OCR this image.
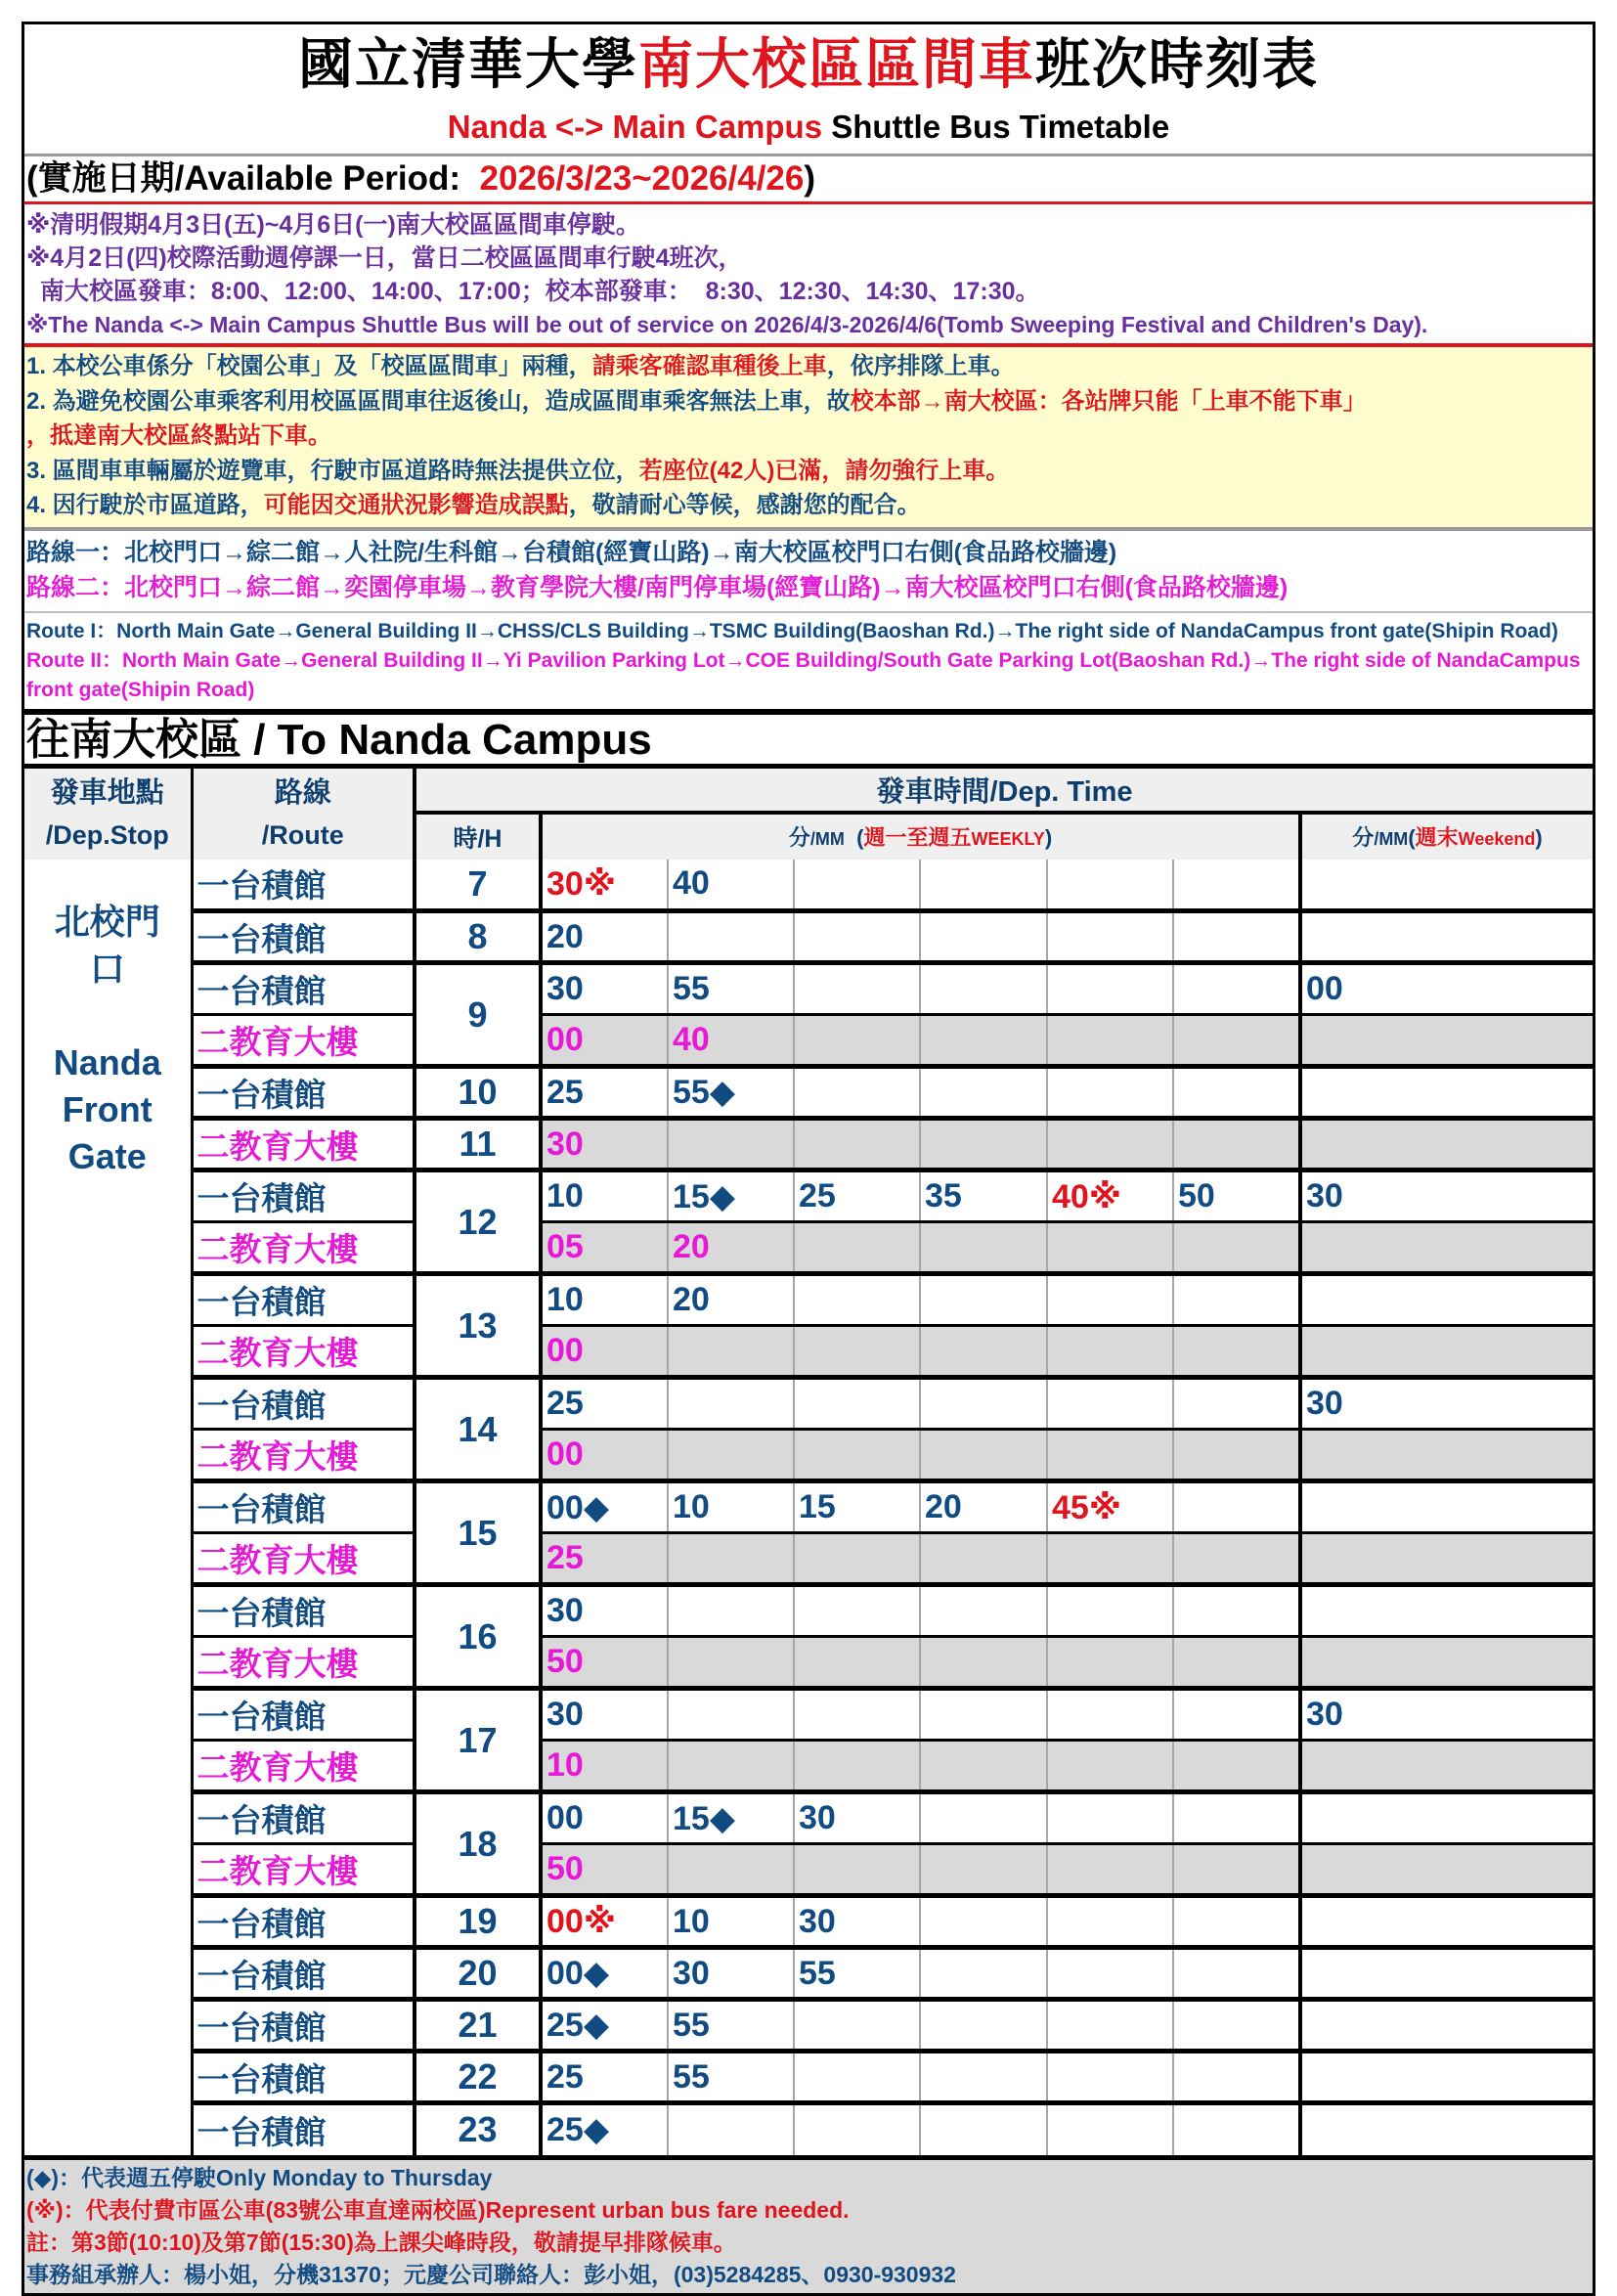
國立清華大學南大校區區間車班次時刻表
Nanda <-> Main Campus Shuttle Bus Timetable
(實施日期/Available Period:  2026/3/23~2026/4/26)
※清明假期4月3日(五)~4月6日(一)南大校區區間車停駛。
※4月2日(四)校際活動週停課一日，當日二校區區間車行駛4班次，
南大校區發車：8:00、12:00、14:00、17:00；校本部發車：  8:30、12:30、14:30、17:30。
※The Nanda <-> Main Campus Shuttle Bus will be out of service on 2026/4/3-2026/4/6(Tomb Sweeping Festival and Children's Day).
1. 本校公車係分「校園公車」及「校區區間車」兩種，請乘客確認車種後上車，依序排隊上車。
2. 為避免校園公車乘客利用校區區間車往返後山，造成區間車乘客無法上車，故校本部→南大校區：各站牌只能「上車不能下車」
，抵達南大校區終點站下車。
3. 區間車車輛屬於遊覽車，行駛市區道路時無法提供立位，若座位(42人)已滿，請勿強行上車。
4. 因行駛於市區道路，可能因交通狀況影響造成誤點，敬請耐心等候，感謝您的配合。
路線一：北校門口→綜二館→人社院/生科館→台積館(經寶山路)→南大校區校門口右側(食品路校牆邊)
路線二：北校門口→綜二館→奕園停車場→教育學院大樓/南門停車場(經寶山路)→南大校區校門口右側(食品路校牆邊)
Route I：North Main Gate→General Building II→CHSS/CLS Building→TSMC Building(Baoshan Rd.)→The right side of NandaCampus front gate(Shipin Road)
Route II：North Main Gate→General Building II→Yi Pavilion Parking Lot→COE Building/South Gate Parking Lot(Baoshan Rd.)→The right side of NandaCampus front gate(Shipin Road)
往南大校區 / To Nanda Campus
發車地點	路線	發車時間/Dep. Time							
/Dep.Stop	/Route	時/H	分/MM  (週一至週五WEEKLY)						分/MM(週末Weekend)

北校門口
Nanda Front Gate	一台積館	7	30※	40					
	一台積館	8	20						
	一台積館	9	30	55					00
	二教育大樓		00	40					
	一台積館	10	25	55◆					
	二教育大樓	11	30						
	一台積館	12	10	15◆	25	35	40※	50	30
	二教育大樓		05	20					
	一台積館	13	10	20					
	二教育大樓		00						
	一台積館	14	25						30
	二教育大樓		00						
	一台積館	15	00◆	10	15	20	45※		
	二教育大樓		25						
	一台積館	16	30						
	二教育大樓		50						
	一台積館	17	30						30
	二教育大樓		10						
	一台積館	18	00	15◆	30				
	二教育大樓		50						
	一台積館	19	00※	10	30				
	一台積館	20	00◆	30	55				
	一台積館	21	25◆	55					
	一台積館	22	25	55					
	一台積館	23	25◆						
(◆)：代表週五停駛Only Monday to Thursday
(※)：代表付費市區公車(83號公車直達兩校區)Represent urban bus fare needed.
註：第3節(10:10)及第7節(15:30)為上課尖峰時段，敬請提早排隊候車。
事務組承辦人：楊小姐，分機31370；元慶公司聯絡人：彭小姐，(03)5284285、0930-930932
